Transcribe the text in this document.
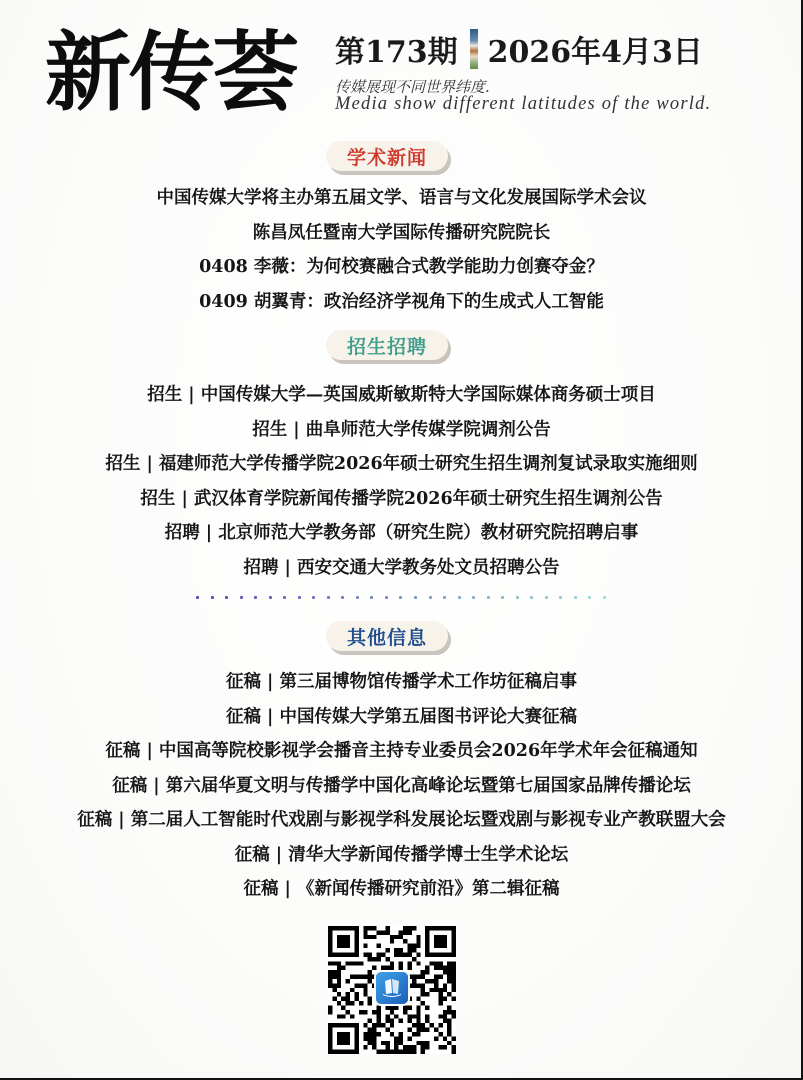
新传荟 第173期 2026年4月3日
传媒展现不同世界纬度.
Media show different latitudes of the world.
学术新闻
中国传媒大学将主办第五届文学、语言与文化发展国际学术会议
陈昌凤任暨南大学国际传播研究院院长
0408 李薇：为何校赛融合式教学能助力创赛夺金？
0409 胡翼青：政治经济学视角下的生成式人工智能
招生招聘
招生 | 中国传媒大学—英国威斯敏斯特大学国际媒体商务硕士项目
招生 | 曲阜师范大学传媒学院调剂公告
招生 | 福建师范大学传播学院2026年硕士研究生招生调剂复试录取实施细则
招生 | 武汉体育学院新闻传播学院2026年硕士研究生招生调剂公告
招聘 | 北京师范大学教务部（研究生院）教材研究院招聘启事
招聘 | 西安交通大学教务处文员招聘公告
其他信息
征稿 | 第三届博物馆传播学术工作坊征稿启事
征稿 | 中国传媒大学第五届图书评论大赛征稿
征稿 | 中国高等院校影视学会播音主持专业委员会2026年学术年会征稿通知
征稿 | 第六届华夏文明与传播学中国化高峰论坛暨第七届国家品牌传播论坛
征稿 | 第二届人工智能时代戏剧与影视学科发展论坛暨戏剧与影视专业产教联盟大会
征稿 | 清华大学新闻传播学博士生学术论坛
征稿 | 《新闻传播研究前沿》第二辑征稿
